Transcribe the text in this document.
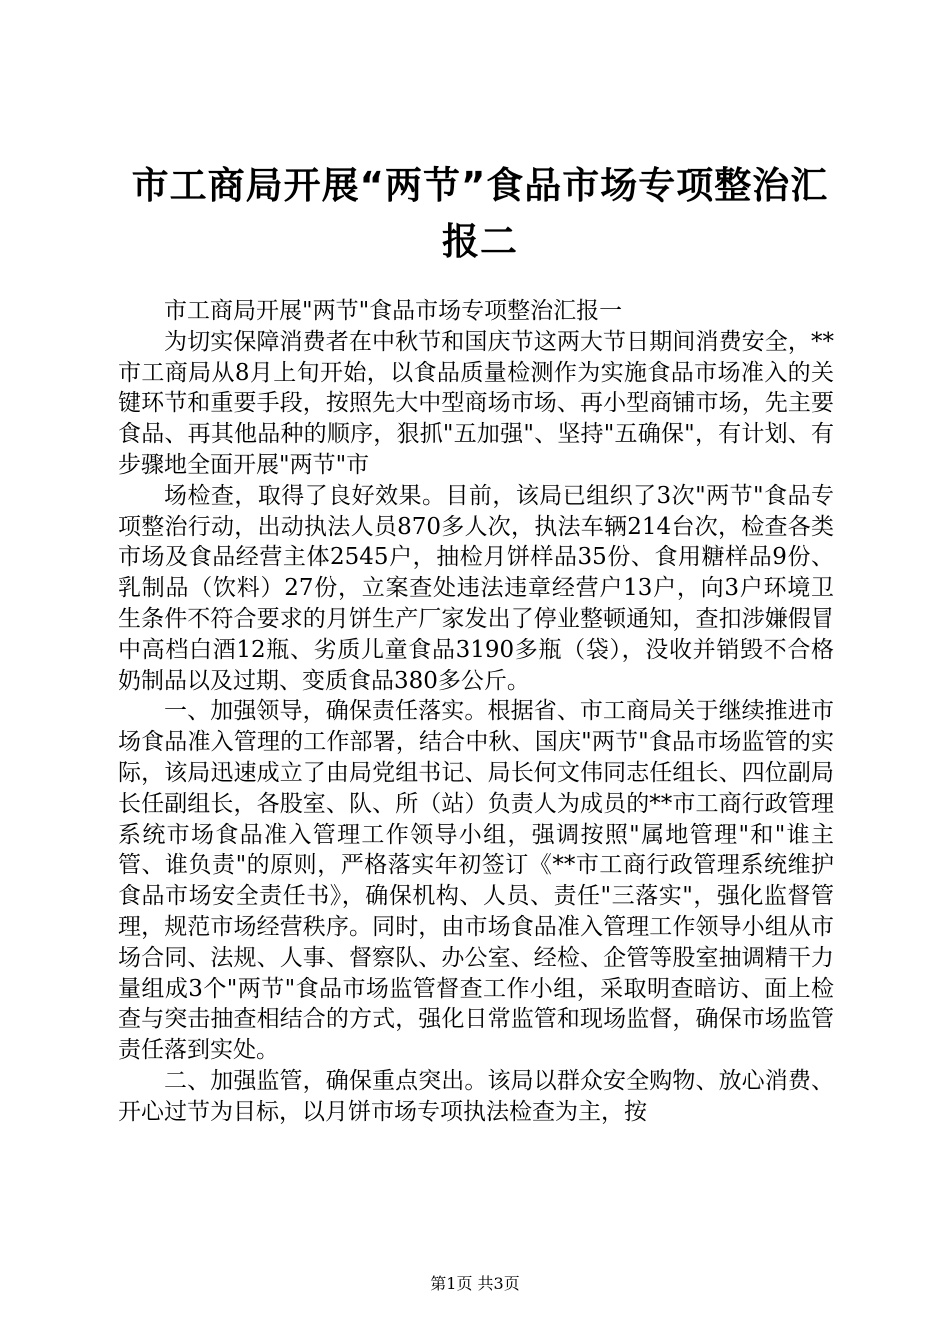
市工商局开展“两节”食品市场专项整治汇报二

市工商局开展"两节"食品市场专项整治汇报一

为切实保障消费者在中秋节和国庆节这两大节日期间消费安全，**市工商局从8月上旬开始，以食品质量检测作为实施食品市场准入的关键环节和重要手段，按照先大中型商场市场、再小型商铺市场，先主要食品、再其他品种的顺序，狠抓"五加强"、坚持"五确保"，有计划、有步骤地全面开展"两节"市

场检查，取得了良好效果。目前，该局已组织了3次"两节"食品专项整治行动，出动执法人员870多人次，执法车辆214台次，检查各类市场及食品经营主体2545户，抽检月饼样品35份、食用糖样品9份、乳制品（饮料）27份，立案查处违法违章经营户13户，向3户环境卫生条件不符合要求的月饼生产厂家发出了停业整顿通知，查扣涉嫌假冒中高档白酒12瓶、劣质儿童食品3190多瓶（袋），没收并销毁不合格奶制品以及过期、变质食品380多公斤。

一、加强领导，确保责任落实。根据省、市工商局关于继续推进市场食品准入管理的工作部署，结合中秋、国庆"两节"食品市场监管的实际，该局迅速成立了由局党组书记、局长何文伟同志任组长、四位副局长任副组长，各股室、队、所（站）负责人为成员的**市工商行政管理系统市场食品准入管理工作领导小组，强调按照"属地管理"和"谁主管、谁负责"的原则，严格落实年初签订《**市工商行政管理系统维护食品市场安全责任书》，确保机构、人员、责任"三落实"，强化监督管理，规范市场经营秩序。同时，由市场食品准入管理工作领导小组从市场合同、法规、人事、督察队、办公室、经检、企管等股室抽调精干力量组成3个"两节"食品市场监管督查工作小组，采取明查暗访、面上检查与突击抽查相结合的方式，强化日常监管和现场监督，确保市场监管责任落到实处。

二、加强监管，确保重点突出。该局以群众安全购物、放心消费、开心过节为目标，以月饼市场专项执法检查为主，按

第1页 共3页
